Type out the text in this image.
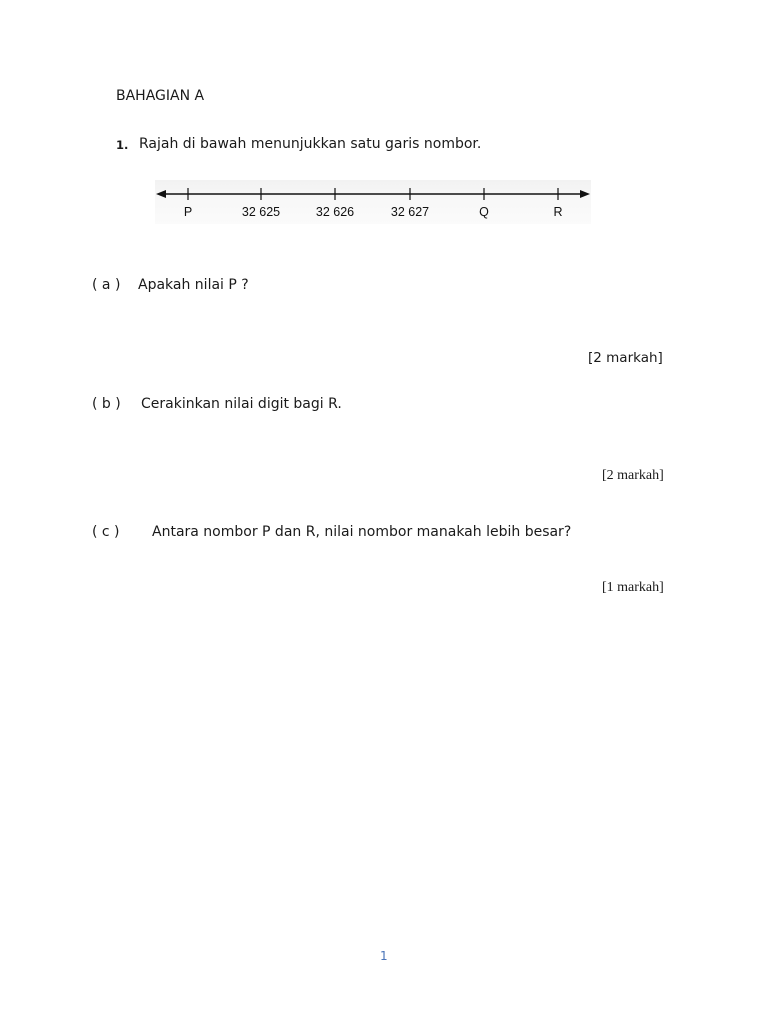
BAHAGIAN A
1. Rajah di bawah menunjukkan satu garis nombor.
P	32 625	32 626	32 627	Q	R
( a ) Apakah nilai P ?
[2 markah]
( b ) Cerakinkan nilai digit bagi R.
[2 markah]
( c ) Antara nombor P dan R, nilai nombor manakah lebih besar?
[1 markah]
1
